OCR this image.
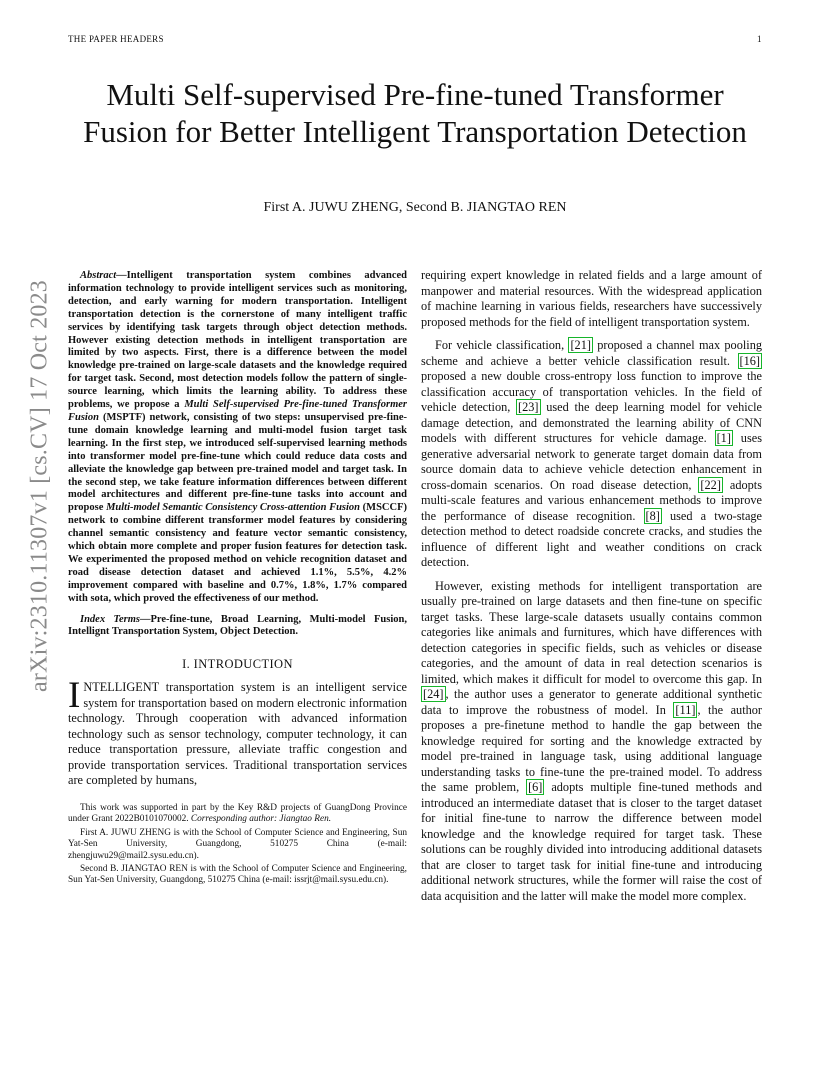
THE PAPER HEADERS	1
arXiv:2310.11307v1 [cs.CV] 17 Oct 2023
Multi Self-supervised Pre-fine-tuned Transformer Fusion for Better Intelligent Transportation Detection
First A. JUWU ZHENG, Second B. JIANGTAO REN

Abstract—Intelligent transportation system combines advanced information technology to provide intelligent services such as monitoring, detection, and early warning for modern transportation. Intelligent transportation detection is the cornerstone of many intelligent traffic services by identifying task targets through object detection methods. However existing detection methods in intelligent transportation are limited by two aspects. First, there is a difference between the model knowledge pre-trained on large-scale datasets and the knowledge required for target task. Second, most detection models follow the pattern of single-source learning, which limits the learning ability. To address these problems, we propose a Multi Self-supervised Pre-fine-tuned Transformer Fusion (MSPTF) network, consisting of two steps: unsupervised pre-fine-tune domain knowledge learning and multi-model fusion target task learning. In the first step, we introduced self-supervised learning methods into transformer model pre-fine-tune which could reduce data costs and alleviate the knowledge gap between pre-trained model and target task. In the second step, we take feature information differences between different model architectures and different pre-fine-tune tasks into account and propose Multi-model Semantic Consistency Cross-attention Fusion (MSCCF) network to combine different transformer model features by considering channel semantic consistency and feature vector semantic consistency, which obtain more complete and proper fusion features for detection task. We experimented the proposed method on vehicle recognition dataset and road disease detection dataset and achieved 1.1%, 5.5%, 4.2% improvement compared with baseline and 0.7%, 1.8%, 1.7% compared with sota, which proved the effectiveness of our method.

Index Terms—Pre-fine-tune, Broad Learning, Multi-model Fusion, Intellignt Transportation System, Object Detection.

I. INTRODUCTION

INTELLIGENT transportation system is an intelligent service system for transportation based on modern electronic information technology. Through cooperation with advanced information technology such as sensor technology, computer technology, it can reduce transportation pressure, alleviate traffic congestion and provide transportation services. Traditional transportation services are completed by humans,

This work was supported in part by the Key R&D projects of GuangDong Province under Grant 2022B0101070002. Corresponding author: Jiangtao Ren.

First A. JUWU ZHENG is with the School of Computer Science and Engineering, Sun Yat-Sen University, Guangdong, 510275 China (e-mail: zhengjuwu29@mail2.sysu.edu.cn).

Second B. JIANGTAO REN is with the School of Computer Science and Engineering, Sun Yat-Sen University, Guangdong, 510275 China (e-mail: issrjt@mail.sysu.edu.cn).

requiring expert knowledge in related fields and a large amount of manpower and material resources. With the widespread application of machine learning in various fields, researchers have successively proposed methods for the field of intelligent transportation system.

For vehicle classification, [21] proposed a channel max pooling scheme and achieve a better vehicle classification result. [16] proposed a new double cross-entropy loss function to improve the classification accuracy of transportation vehicles. In the field of vehicle detection, [23] used the deep learning model for vehicle damage detection, and demonstrated the learning ability of CNN models with different structures for vehicle damage. [1] uses generative adversarial network to generate target domain data from source domain data to achieve vehicle detection enhancement in cross-domain scenarios. On road disease detection, [22] adopts multi-scale features and various enhancement methods to improve the performance of disease recognition. [8] used a two-stage detection method to detect roadside concrete cracks, and studies the influence of different light and weather conditions on crack detection.

However, existing methods for intelligent transportation are usually pre-trained on large datasets and then fine-tune on specific target tasks. These large-scale datasets usually contains common categories like animals and furnitures, which have differences with detection categories in specific fields, such as vehicles or disease categories, and the amount of data in real detection scenarios is limited, which makes it difficult for model to overcome this gap. In [24] , the author uses a generator to generate additional synthetic data to improve the robustness of model. In [11] , the author proposes a pre-finetune method to handle the gap between the knowledge required for sorting and the knowledge extracted by model pre-trained in language task, using additional language understanding tasks to fine-tune the pre-trained model. To address the same problem, [6] adopts multiple fine-tuned methods and introduced an intermediate dataset that is closer to the target dataset for initial fine-tune to narrow the difference between model knowledge and the knowledge required for target task. These solutions can be roughly divided into introducing additional datasets that are closer to target task for initial fine-tune and introducing additional network structures, while the former will raise the cost of data acquisition and the latter will make the model more complex.
